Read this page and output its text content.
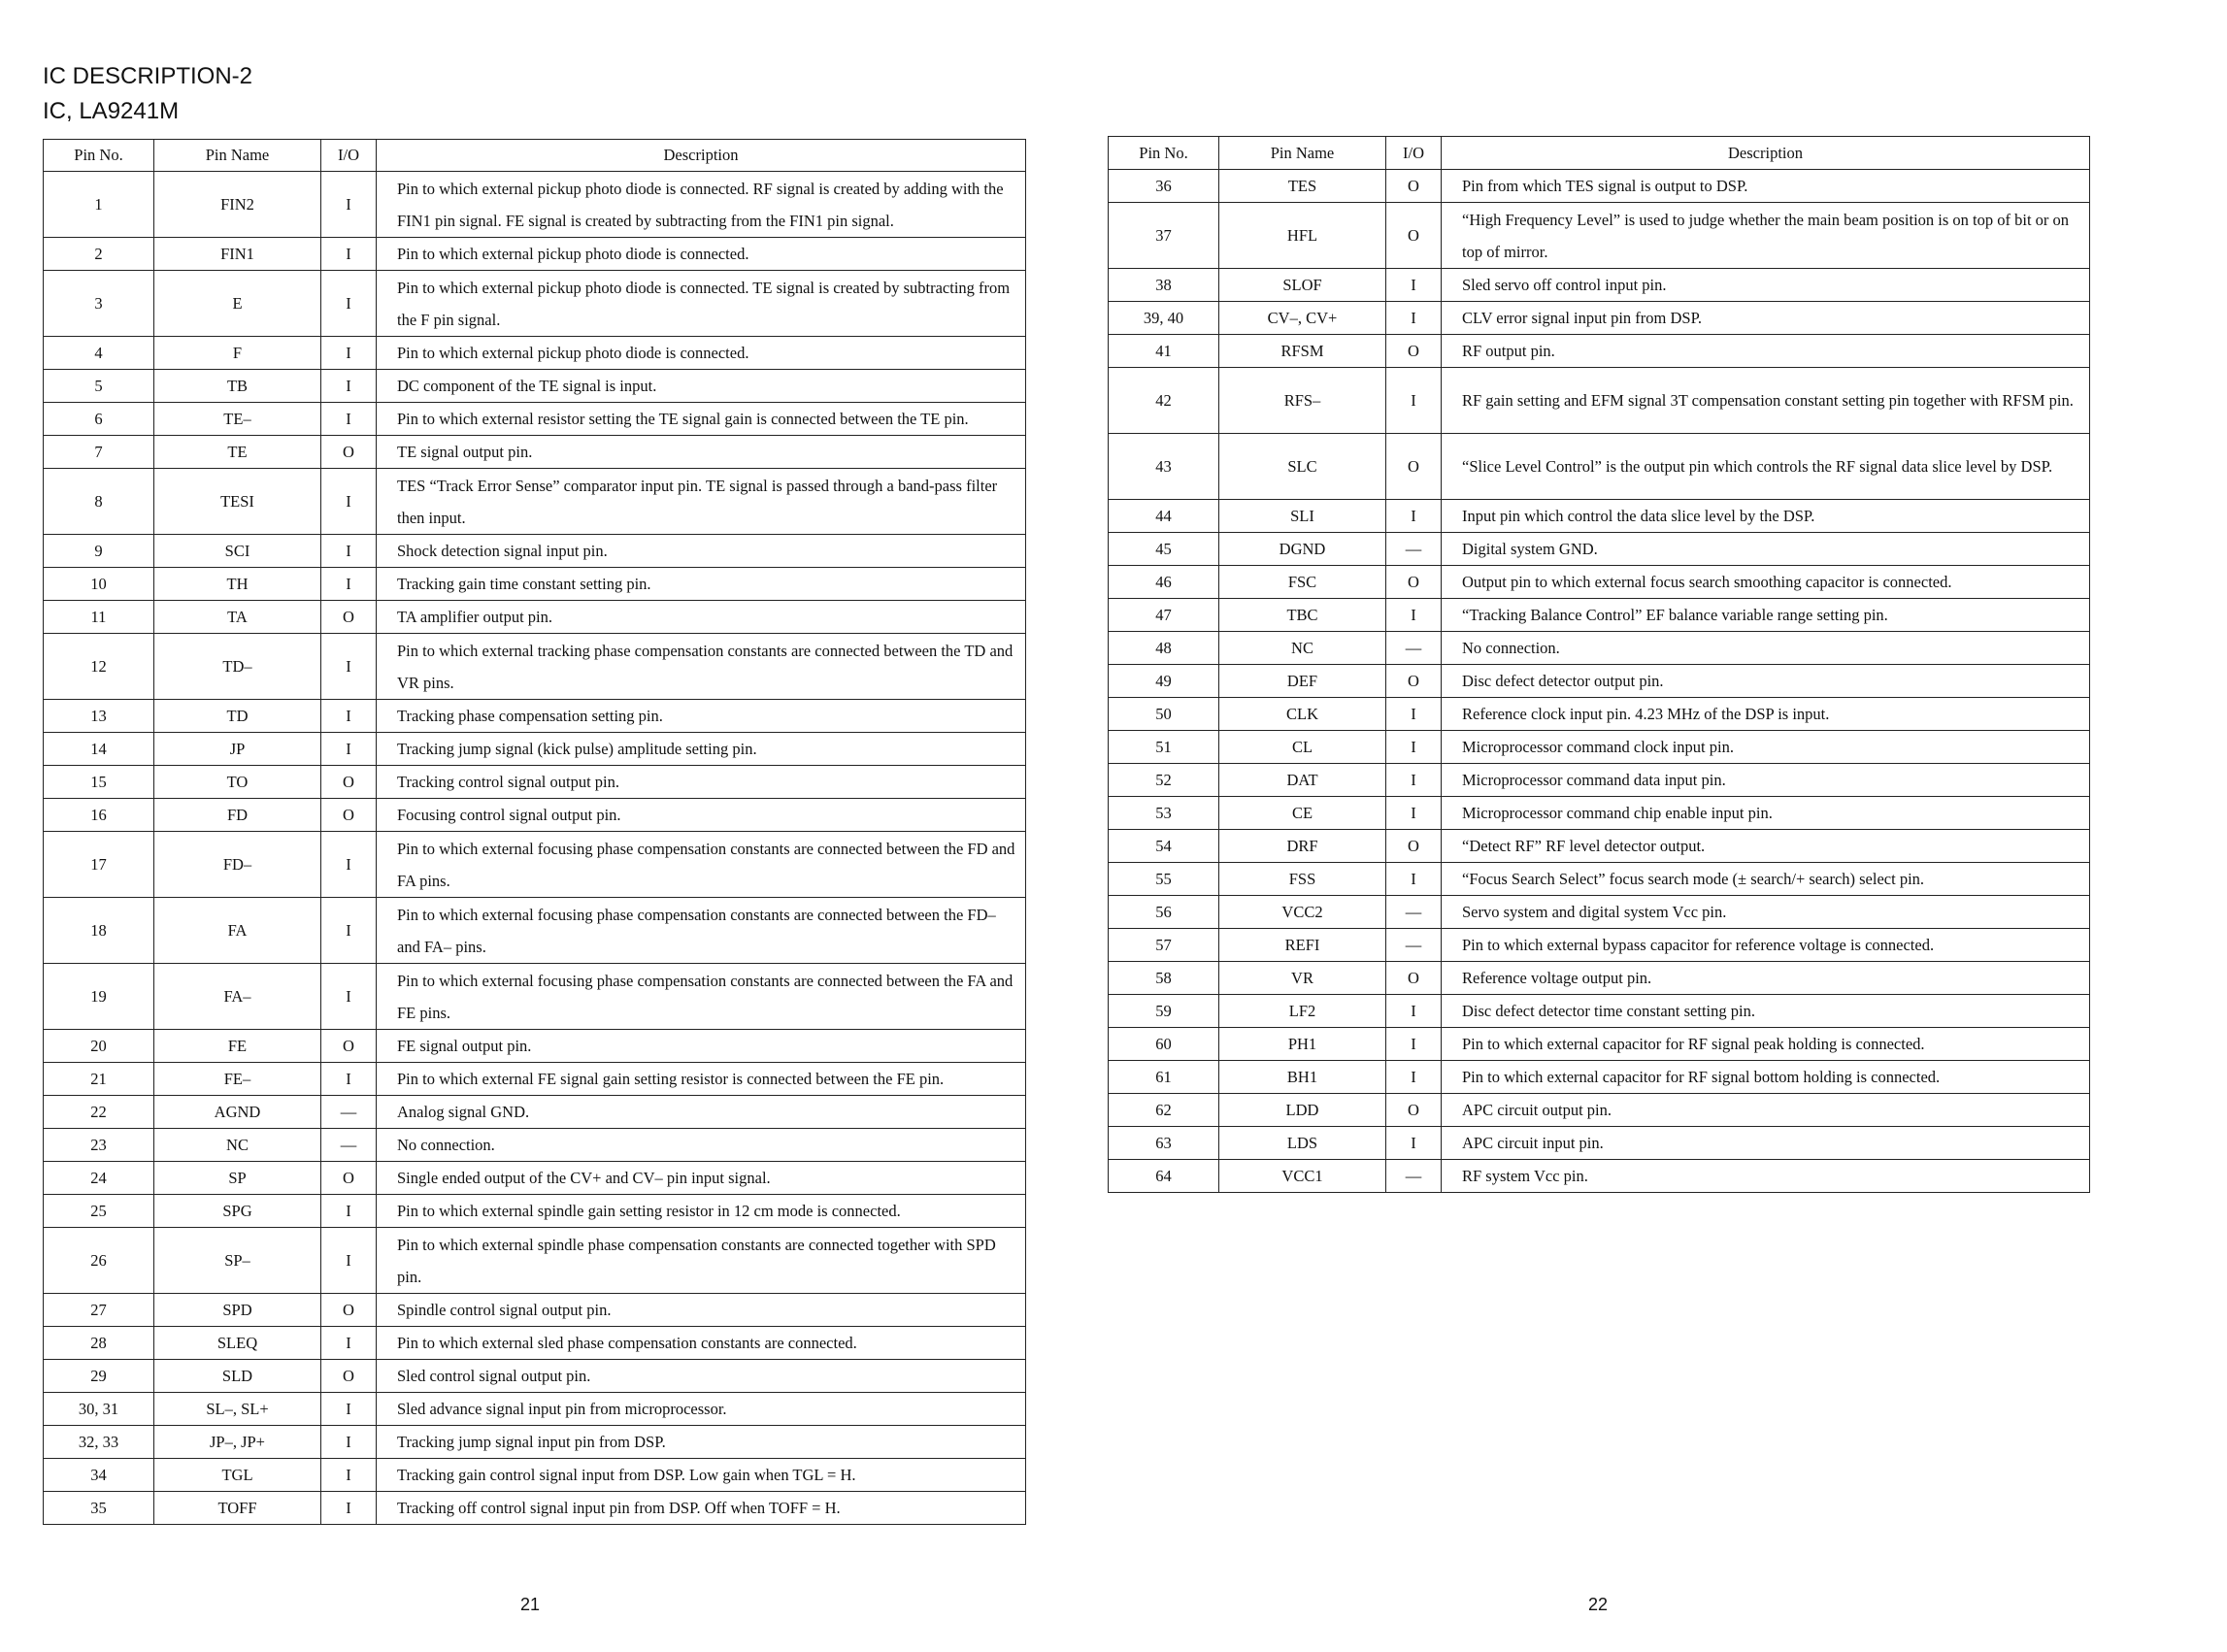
IC DESCRIPTION-2
IC, LA9241M
Pin No.	Pin Name	I/O	Description
1	FIN2	I	Pin to which external pickup photo diode is connected. RF signal is created by adding with the FIN1 pin signal. FE signal is created by subtracting from the FIN1 pin signal.
2	FIN1	I	Pin to which external pickup photo diode is connected.
3	E	I	Pin to which external pickup photo diode is connected. TE signal is created by subtracting from the F pin signal.
4	F	I	Pin to which external pickup photo diode is connected.
5	TB	I	DC component of the TE signal is input.
6	TE–	I	Pin to which external resistor setting the TE signal gain is connected between the TE pin.
7	TE	O	TE signal output pin.
8	TESI	I	TES “Track Error Sense” comparator input pin. TE signal is passed through a band-pass filter then input.
9	SCI	I	Shock detection signal input pin.
10	TH	I	Tracking gain time constant setting pin.
11	TA	O	TA amplifier output pin.
12	TD–	I	Pin to which external tracking phase compensation constants are connected between the TD and VR pins.
13	TD	I	Tracking phase compensation setting pin.
14	JP	I	Tracking jump signal (kick pulse) amplitude setting pin.
15	TO	O	Tracking control signal output pin.
16	FD	O	Focusing control signal output pin.
17	FD–	I	Pin to which external focusing phase compensation constants are connected between the FD and FA pins.
18	FA	I	Pin to which external focusing phase compensation constants are connected between the FD– and FA– pins.
19	FA–	I	Pin to which external focusing phase compensation constants are connected between the FA and FE pins.
20	FE	O	FE signal output pin.
21	FE–	I	Pin to which external FE signal gain setting resistor is connected between the FE pin.
22	AGND	—	Analog signal GND.
23	NC	—	No connection.
24	SP	O	Single ended output of the CV+ and CV– pin input signal.
25	SPG	I	Pin to which external spindle gain setting resistor in 12 cm mode is connected.
26	SP–	I	Pin to which external spindle phase compensation constants are connected together with SPD pin.
27	SPD	O	Spindle control signal output pin.
28	SLEQ	I	Pin to which external sled phase compensation constants are connected.
29	SLD	O	Sled control signal output pin.
30, 31	SL–, SL+	I	Sled advance signal input pin from microprocessor.
32, 33	JP–, JP+	I	Tracking jump signal input pin from DSP.
34	TGL	I	Tracking gain control signal input from DSP. Low gain when TGL = H.
35	TOFF	I	Tracking off control signal input pin from DSP. Off when TOFF = H.
Pin No.	Pin Name	I/O	Description
36	TES	O	Pin from which TES signal is output to DSP.
37	HFL	O	“High Frequency Level” is used to judge whether the main beam position is on top of bit or on top of mirror.
38	SLOF	I	Sled servo off control input pin.
39, 40	CV–, CV+	I	CLV error signal input pin from DSP.
41	RFSM	O	RF output pin.
42	RFS–	I	RF gain setting and EFM signal 3T compensation constant setting pin together with RFSM pin.
43	SLC	O	“Slice Level Control” is the output pin which controls the RF signal data slice level by DSP.
44	SLI	I	Input pin which control the data slice level by the DSP.
45	DGND	—	Digital system GND.
46	FSC	O	Output pin to which external focus search smoothing capacitor is connected.
47	TBC	I	“Tracking Balance Control” EF balance variable range setting pin.
48	NC	—	No connection.
49	DEF	O	Disc defect detector output pin.
50	CLK	I	Reference clock input pin. 4.23 MHz of the DSP is input.
51	CL	I	Microprocessor command clock input pin.
52	DAT	I	Microprocessor command data input pin.
53	CE	I	Microprocessor command chip enable input pin.
54	DRF	O	“Detect RF” RF level detector output.
55	FSS	I	“Focus Search Select” focus search mode (± search/+ search) select pin.
56	VCC2	—	Servo system and digital system Vcc pin.
57	REFI	—	Pin to which external bypass capacitor for reference voltage is connected.
58	VR	O	Reference voltage output pin.
59	LF2	I	Disc defect detector time constant setting pin.
60	PH1	I	Pin to which external capacitor for RF signal peak holding is connected.
61	BH1	I	Pin to which external capacitor for RF signal bottom holding is connected.
62	LDD	O	APC circuit output pin.
63	LDS	I	APC circuit input pin.
64	VCC1	—	RF system Vcc pin.
21	22
